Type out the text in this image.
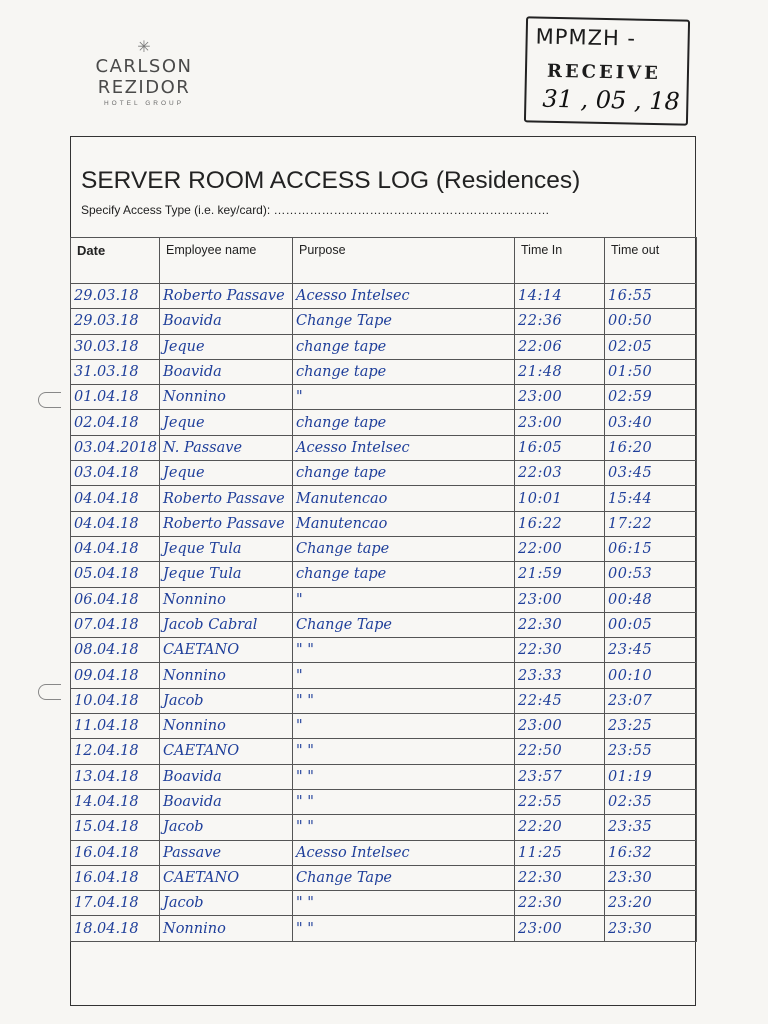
✳
CARLSON
REZIDOR
HOTEL GROUP
MPMZH -
RECEIVE
31 , 05 , 18
SERVER ROOM ACCESS LOG (Residences)
Specify Access Type (i.e. key/card): ……………………………………………………………
Date	Employee name	Purpose	Time In	Time out
29.03.18	Roberto Passave	Acesso Intelsec	14:14	16:55
29.03.18	Boavida	Change Tape	22:36	00:50
30.03.18	Jeque	change tape	22:06	02:05
31.03.18	Boavida	change tape	21:48	01:50
01.04.18	Nonnino	"	23:00	02:59
02.04.18	Jeque	change tape	23:00	03:40
03.04.2018	N. Passave	Acesso Intelsec	16:05	16:20
03.04.18	Jeque	change tape	22:03	03:45
04.04.18	Roberto Passave	Manutencao	10:01	15:44
04.04.18	Roberto Passave	Manutencao	16:22	17:22
04.04.18	Jeque Tula	Change tape	22:00	06:15
05.04.18	Jeque Tula	change tape	21:59	00:53
06.04.18	Nonnino	"	23:00	00:48
07.04.18	Jacob Cabral	Change Tape	22:30	00:05
08.04.18	CAETANO	" "	22:30	23:45
09.04.18	Nonnino	"	23:33	00:10
10.04.18	Jacob	" "	22:45	23:07
11.04.18	Nonnino	"	23:00	23:25
12.04.18	CAETANO	" "	22:50	23:55
13.04.18	Boavida	" "	23:57	01:19
14.04.18	Boavida	" "	22:55	02:35
15.04.18	Jacob	" "	22:20	23:35
16.04.18	Passave	Acesso Intelsec	11:25	16:32
16.04.18	CAETANO	Change Tape	22:30	23:30
17.04.18	Jacob	" "	22:30	23:20
18.04.18	Nonnino	" "	23:00	23:30
